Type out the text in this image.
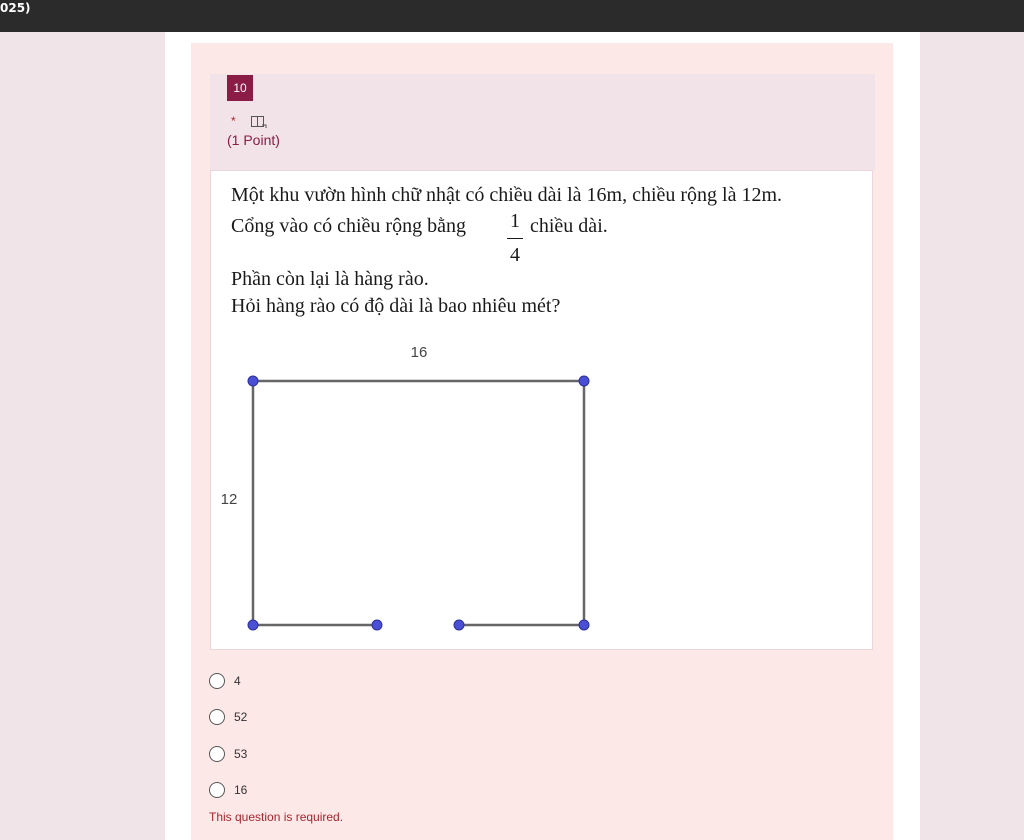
025)
10
*
(1 Point)
Một khu vườn hình chữ nhật có chiều dài là 16m, chiều rộng là 12m.
Cổng vào có chiều rộng bằng	1
4
chiều dài.
Phần còn lại là hàng rào.
Hỏi hàng rào có độ dài là bao nhiêu mét?
16
12
4
52
53
16
This question is required.
